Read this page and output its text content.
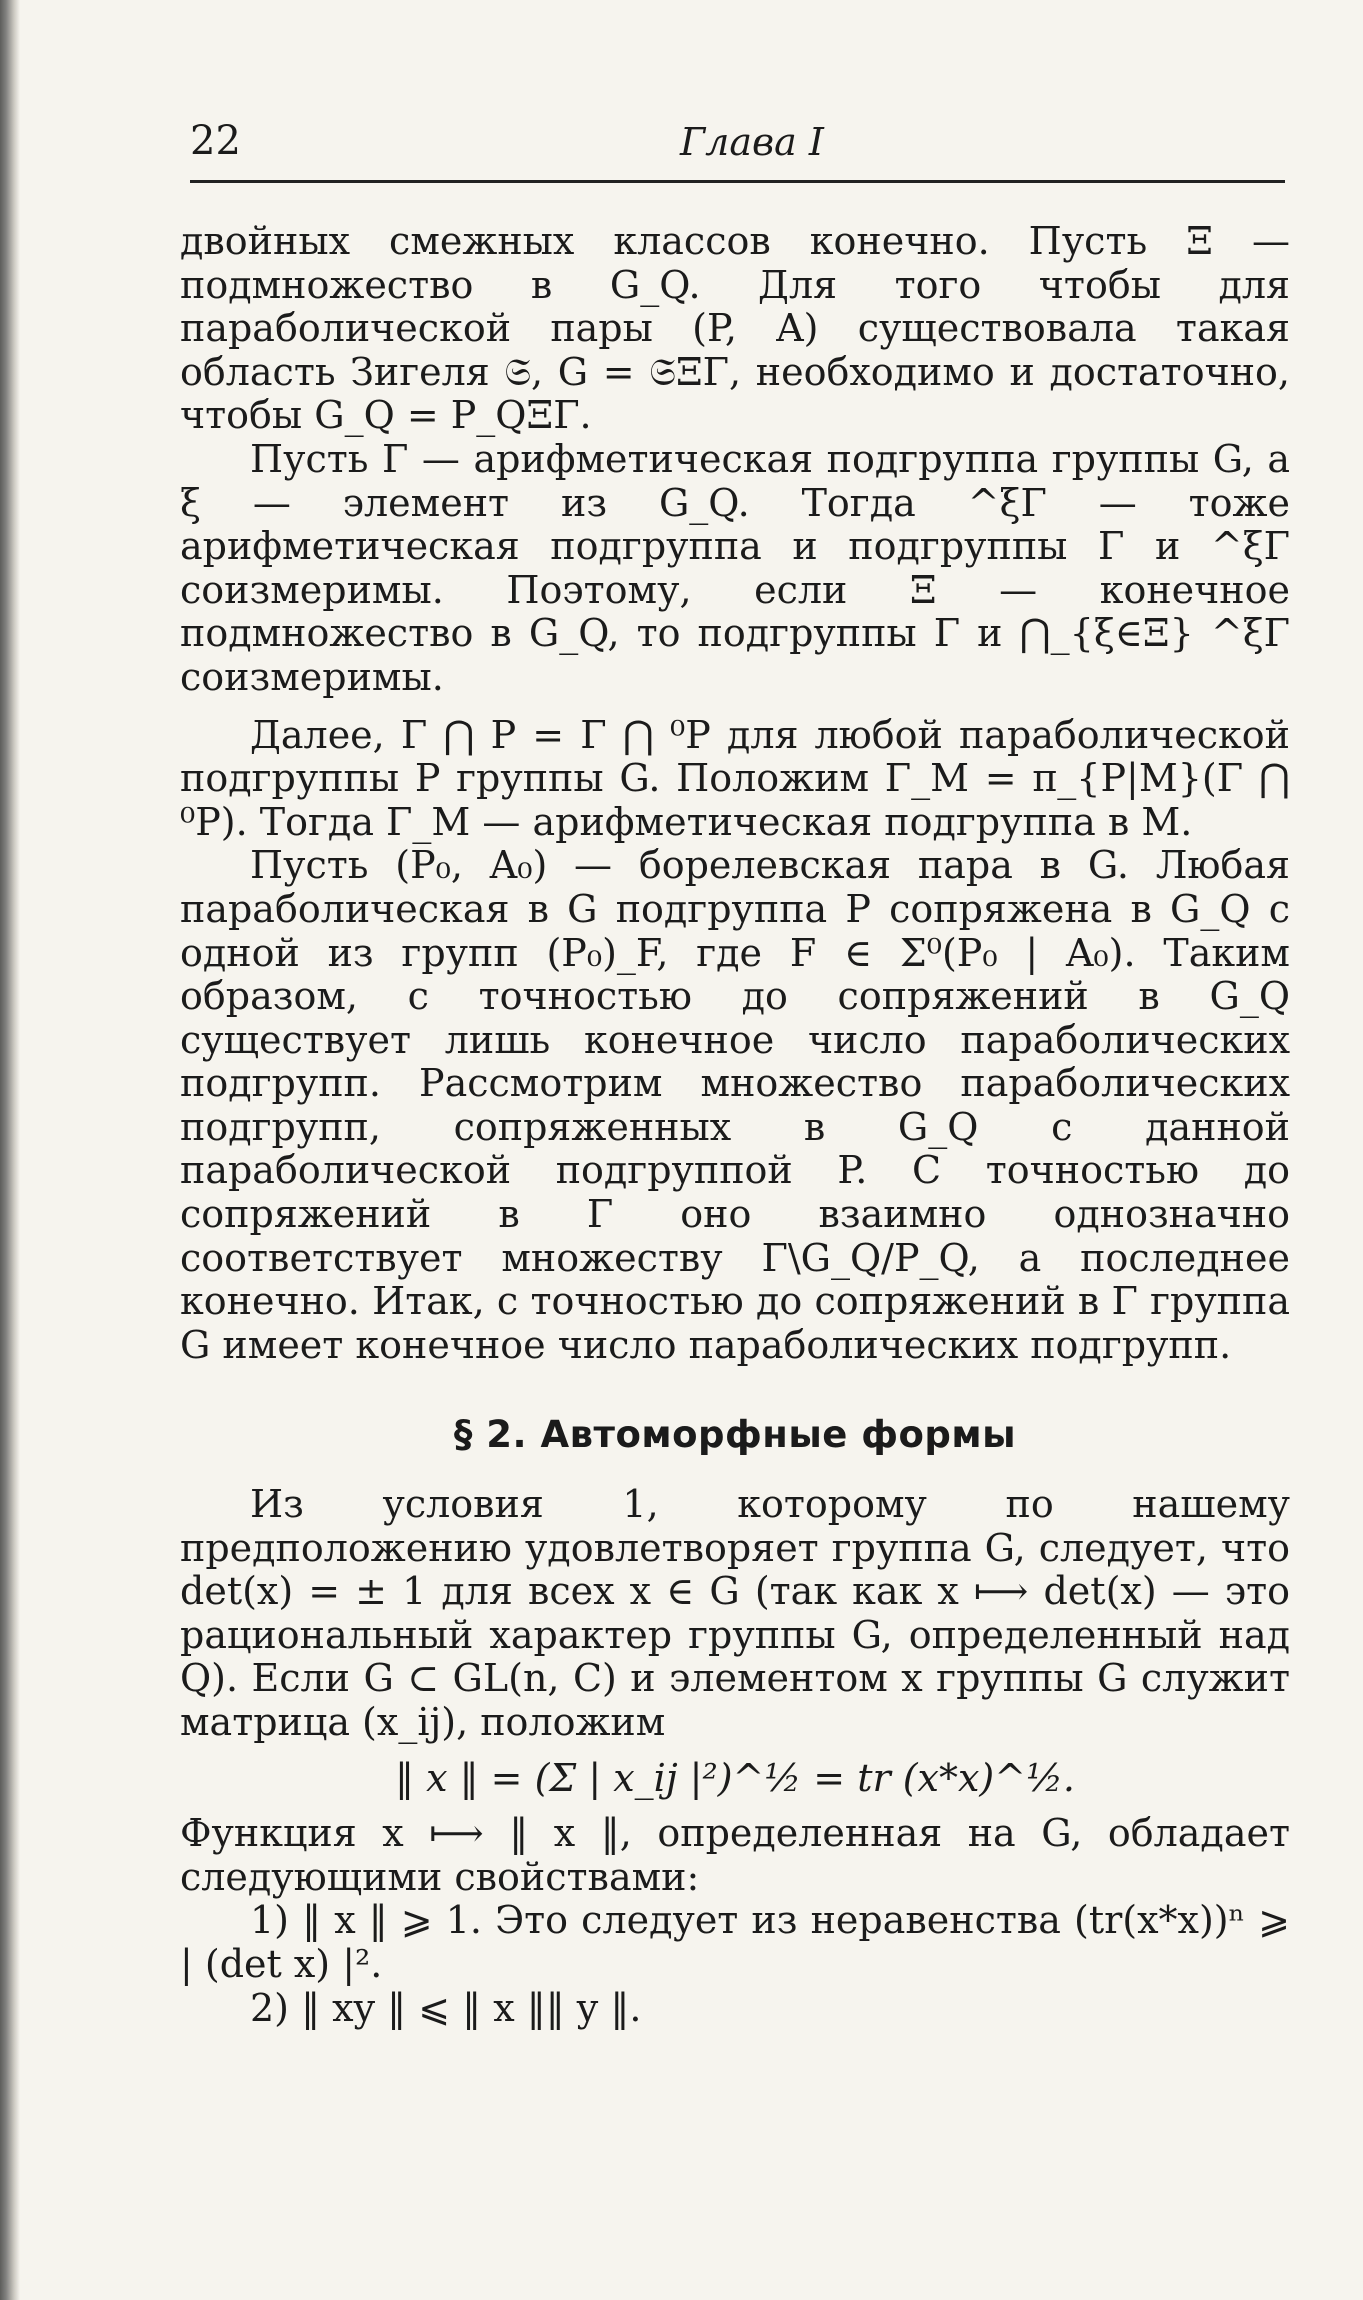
22	Глава I

двойных смежных классов конечно. Пусть Ξ — подмножество в G_Q. Для того чтобы для параболической пары (P, A) существовала такая область Зигеля 𝔖, G = 𝔖ΞΓ, необходимо и достаточно, чтобы G_Q = P_QΞΓ.

Пусть Γ — арифметическая подгруппа группы G, а ξ — элемент из G_Q. Тогда ^ξΓ — тоже арифметическая подгруппа и подгруппы Γ и ^ξΓ соизмеримы. Поэтому, если Ξ — конечное подмножество в G_Q, то подгруппы Γ и ⋂_{ξ∈Ξ} ^ξΓ соизмеримы.

Далее, Γ ⋂ P = Γ ⋂ ⁰P для любой параболической подгруппы P группы G. Положим Γ_M = π_{P|M}(Γ ⋂ ⁰P). Тогда Γ_M — арифметическая подгруппа в M.

Пусть (P₀, A₀) — борелевская пара в G. Любая параболическая в G подгруппа P сопряжена в G_Q с одной из групп (P₀)_F, где F ∈ Σ⁰(P₀ | A₀). Таким образом, с точностью до сопряжений в G_Q существует лишь конечное число параболических подгрупп. Рассмотрим множество параболических подгрупп, сопряженных в G_Q с данной параболической подгруппой P. С точностью до сопряжений в Γ оно взаимно однозначно соответствует множеству Γ\G_Q/P_Q, а последнее конечно. Итак, с точностью до сопряжений в Γ группа G имеет конечное число параболических подгрупп.

§ 2. Автоморфные формы

Из условия 1, которому по нашему предположению удовлетворяет группа G, следует, что det(x) = ± 1 для всех x ∈ G (так как x ⟼ det(x) — это рациональный характер группы G, определенный над Q). Если G ⊂ GL(n, C) и элементом x группы G служит матрица (x_ij), положим

‖ x ‖ = (Σ | x_ij |²)^½ = tr (x*x)^½.

Функция x ⟼ ‖ x ‖, определенная на G, обладает следующими свойствами:

1) ‖ x ‖ ⩾ 1. Это следует из неравенства (tr(x*x))ⁿ ⩾ | (det x) |².

2) ‖ xy ‖ ⩽ ‖ x ‖‖ y ‖.
